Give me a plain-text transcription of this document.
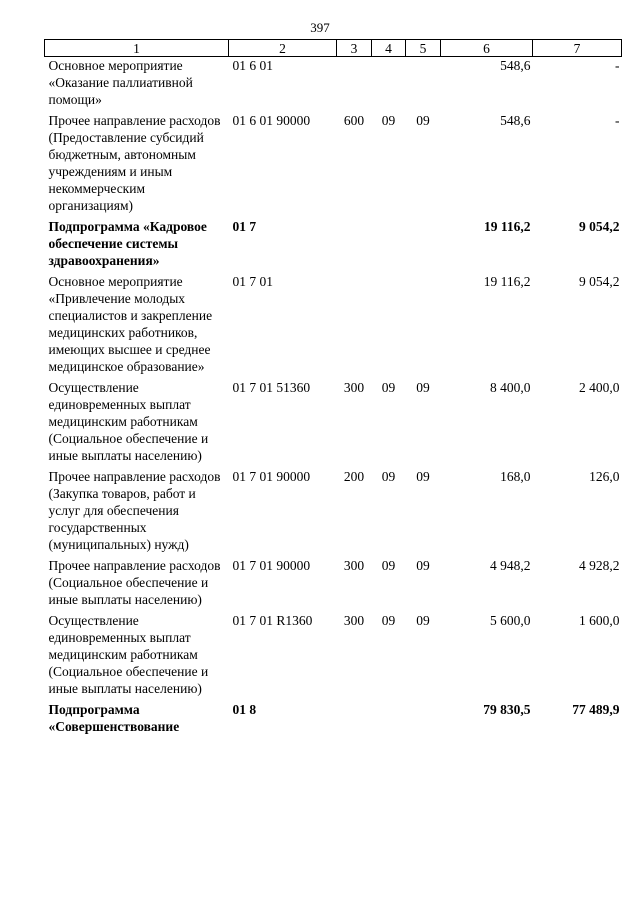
397
1	2	3	4	5	6	7
Основное мероприятие «Оказание паллиативной помощи»	01 6 01				548,6	-
Прочее направление расходов (Предоставление субсидий бюджетным, автономным учреждениям и иным некоммерческим организациям)	01 6 01 90000	600	09	09	548,6	-
Подпрограмма «Кадровое обеспечение системы здравоохранения»	01 7				19 116,2	9 054,2
Основное мероприятие «Привлечение молодых специалистов и закрепление медицинских работников, имеющих высшее и среднее медицинское образование»	01 7 01				19 116,2	9 054,2
Осуществление единовременных выплат медицинским работникам (Социальное обеспечение и иные выплаты населению)	01 7 01 51360	300	09	09	8 400,0	2 400,0
Прочее направление расходов (Закупка товаров, работ и услуг для обеспечения государственных (муниципальных) нужд)	01 7 01 90000	200	09	09	168,0	126,0
Прочее направление расходов (Социальное обеспечение и иные выплаты населению)	01 7 01 90000	300	09	09	4 948,2	4 928,2
Осуществление единовременных выплат медицинским работникам (Социальное обеспечение и иные выплаты населению)	01 7 01 R1360	300	09	09	5 600,0	1 600,0
Подпрограмма «Совершенствование	01 8				79 830,5	77 489,9
